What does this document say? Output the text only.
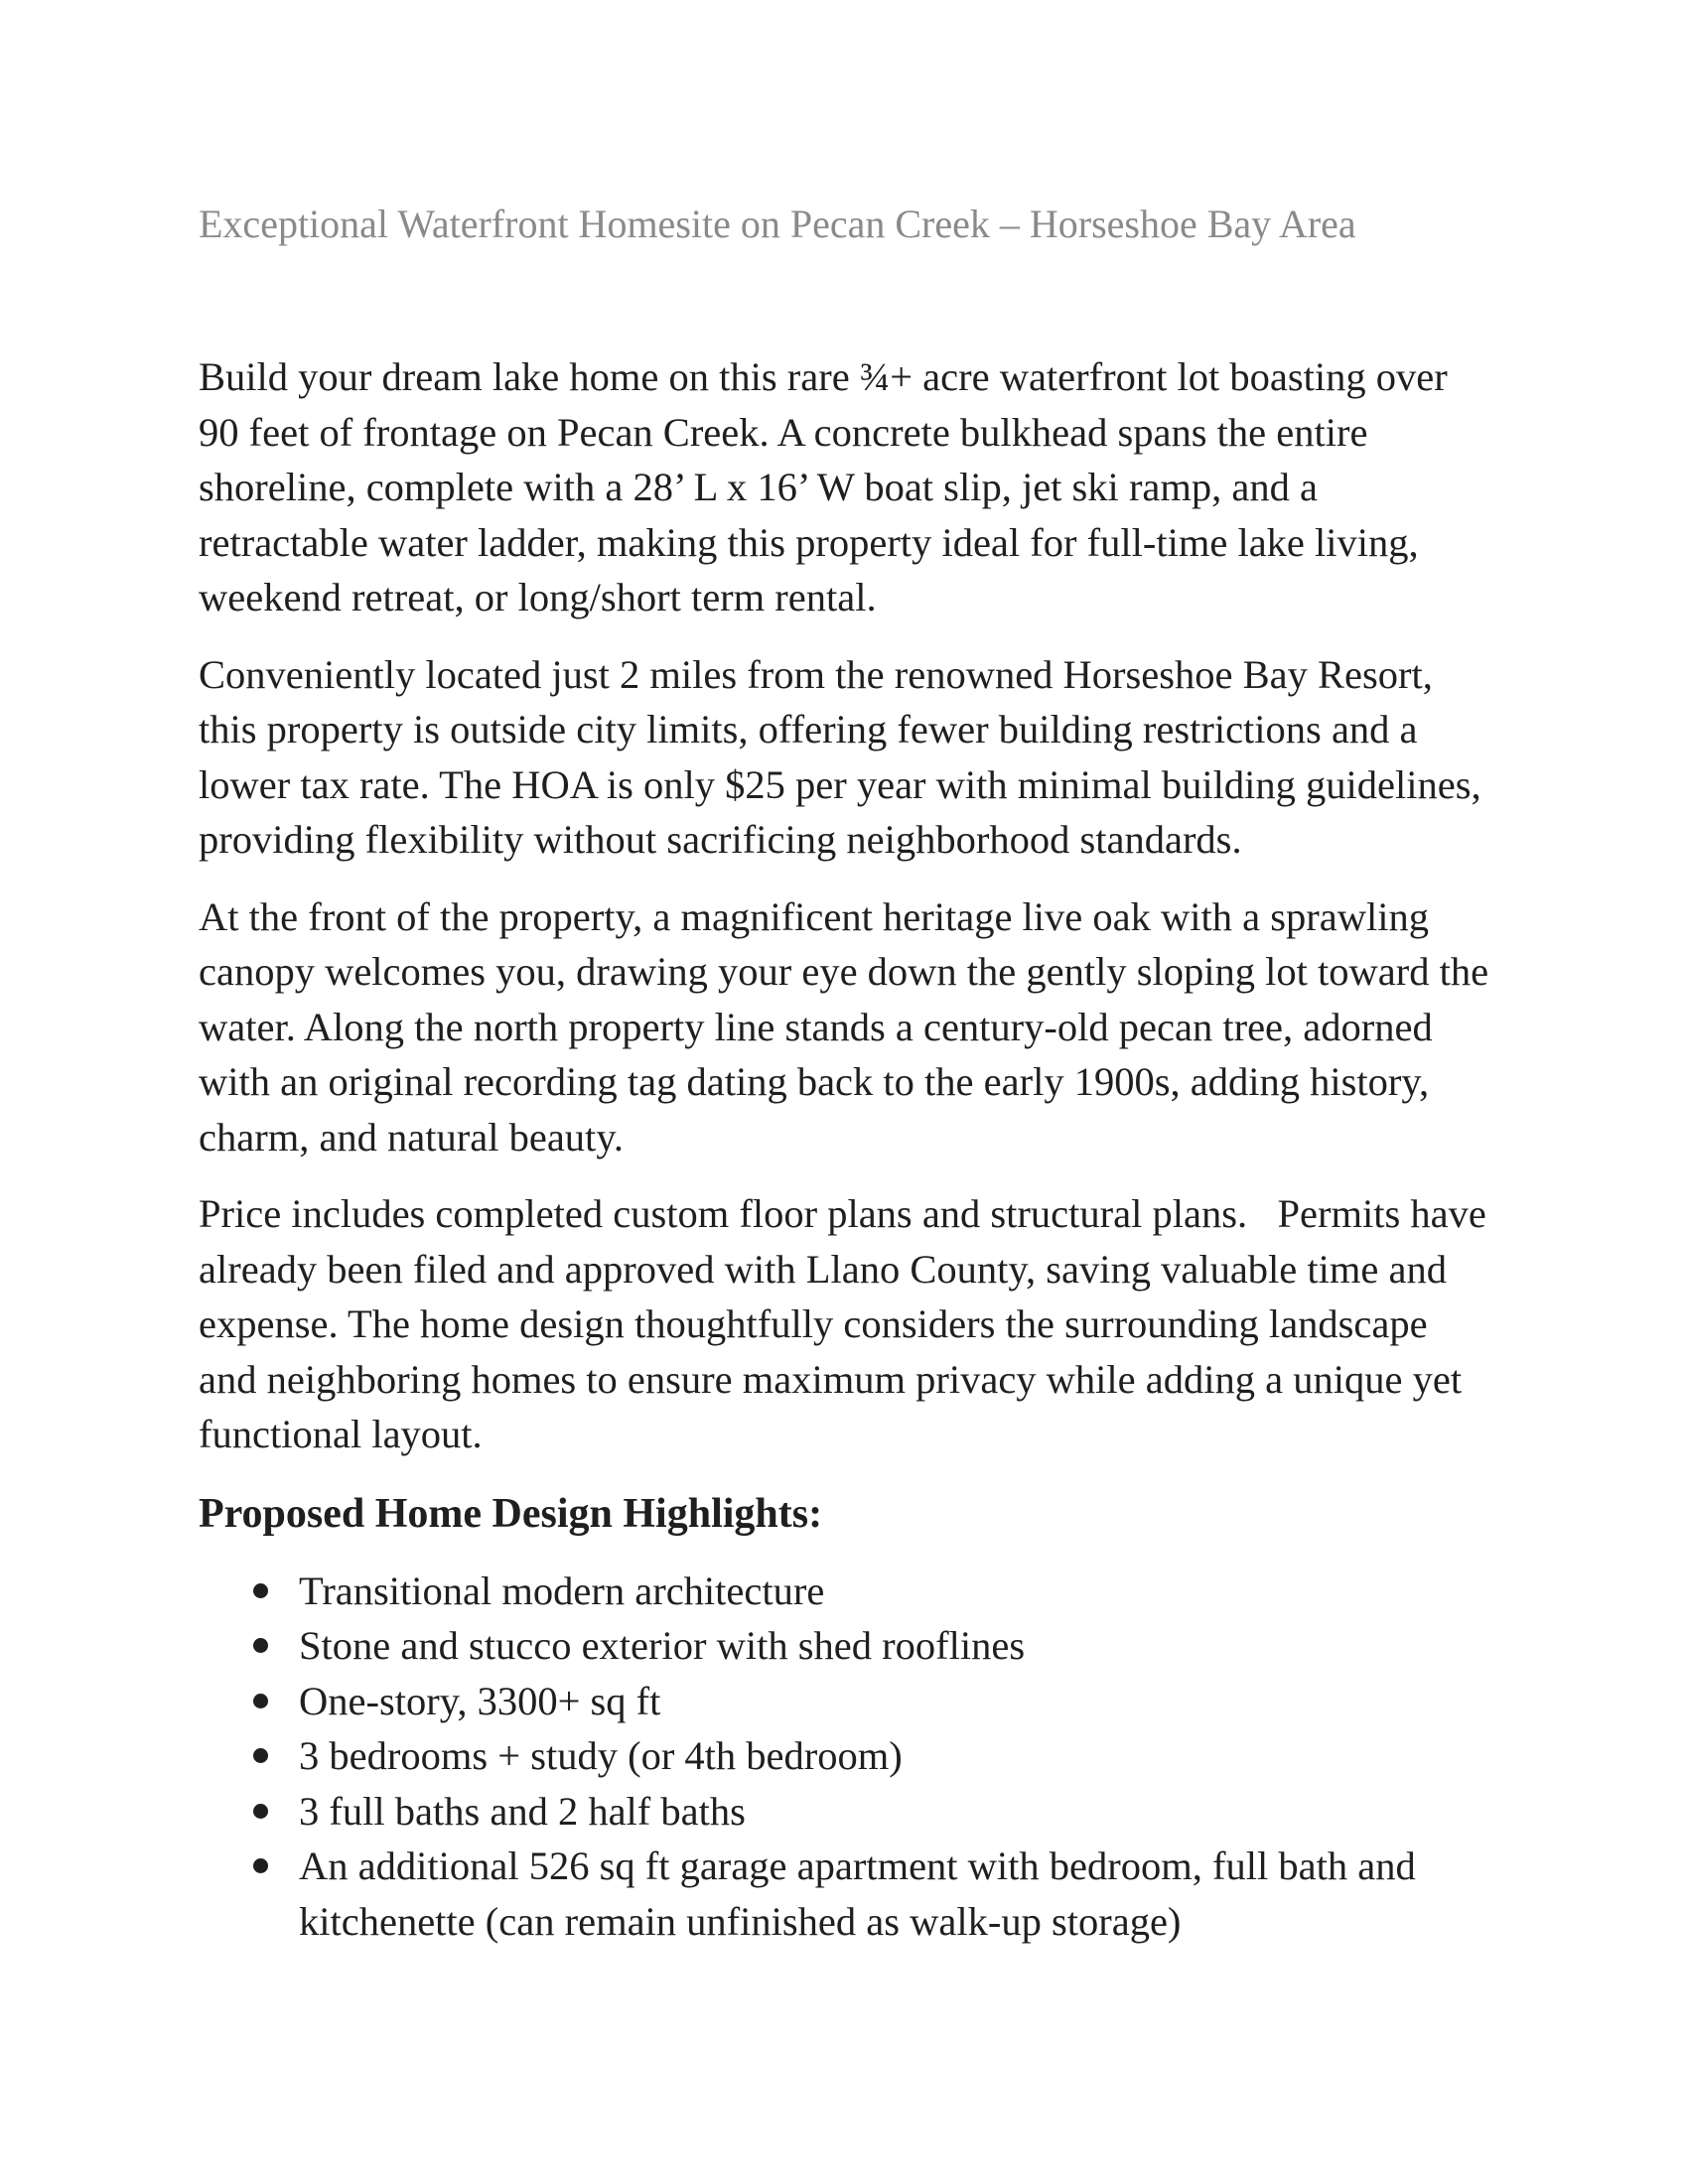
Exceptional Waterfront Homesite on Pecan Creek – Horseshoe Bay Area

Build your dream lake home on this rare ¾+ acre waterfront lot boasting over 90 feet of frontage on Pecan Creek. A concrete bulkhead spans the entire shoreline, complete with a 28’ L x 16’ W boat slip, jet ski ramp, and a retractable water ladder, making this property ideal for full-time lake living, weekend retreat, or long/short term rental.

Conveniently located just 2 miles from the renowned Horseshoe Bay Resort, this property is outside city limits, offering fewer building restrictions and a lower tax rate. The HOA is only $25 per year with minimal building guidelines, providing flexibility without sacrificing neighborhood standards.

At the front of the property, a magnificent heritage live oak with a sprawling canopy welcomes you, drawing your eye down the gently sloping lot toward the water. Along the north property line stands a century-old pecan tree, adorned with an original recording tag dating back to the early 1900s, adding history, charm, and natural beauty.

Price includes completed custom floor plans and structural plans.   Permits have already been filed and approved with Llano County, saving valuable time and expense. The home design thoughtfully considers the surrounding landscape and neighboring homes to ensure maximum privacy while adding a unique yet functional layout.

Proposed Home Design Highlights:
Transitional modern architecture
Stone and stucco exterior with shed rooflines
One-story, 3300+ sq ft
3 bedrooms + study (or 4th bedroom)
3 full baths and 2 half baths
An additional 526 sq ft garage apartment with bedroom, full bath and kitchenette (can remain unfinished as walk-up storage)
